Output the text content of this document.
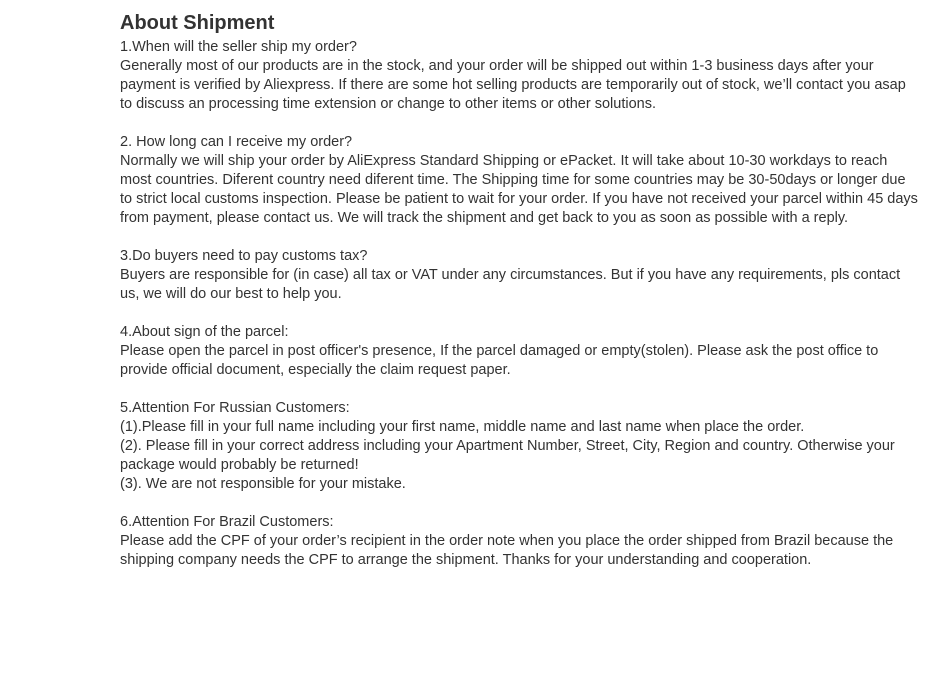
About Shipment

1.When will the seller ship my order?

Generally most of our products are in the stock, and your order will be shipped out within 1-3 business days after your payment is verified by Aliexpress. If there are some hot selling products are temporarily out of stock, we’ll contact you asap to discuss an processing time extension or change to other items or other solutions.

2. How long can I receive my order?

Normally we will ship your order by AliExpress Standard Shipping or ePacket. It will take about 10-30 workdays to reach most countries. Diferent country need diferent time. The Shipping time for some countries may be 30-50days or longer due to strict local customs inspection. Please be patient to wait for your order. If you have not received your parcel within 45 days from payment, please contact us. We will track the shipment and get back to you as soon as possible with a reply.

3.Do buyers need to pay customs tax?

Buyers are responsible for (in case) all tax or VAT under any circumstances. But if you have any requirements, pls contact us, we will do our best to help you.

4.About sign of the parcel:

Please open the parcel in post officer's presence, If the parcel damaged or empty(stolen). Please ask the post office to provide official document, especially the claim request paper.

5.Attention For Russian Customers:

(1).Please fill in your full name including your first name, middle name and last name when place the order.

(2). Please fill in your correct address including your Apartment Number, Street, City, Region and country. Otherwise your package would probably be returned!

(3). We are not responsible for your mistake.

6.Attention For Brazil Customers:

Please add the CPF of your order’s recipient in the order note when you place the order shipped from Brazil because the shipping company needs the CPF to arrange the shipment. Thanks for your understanding and cooperation.
